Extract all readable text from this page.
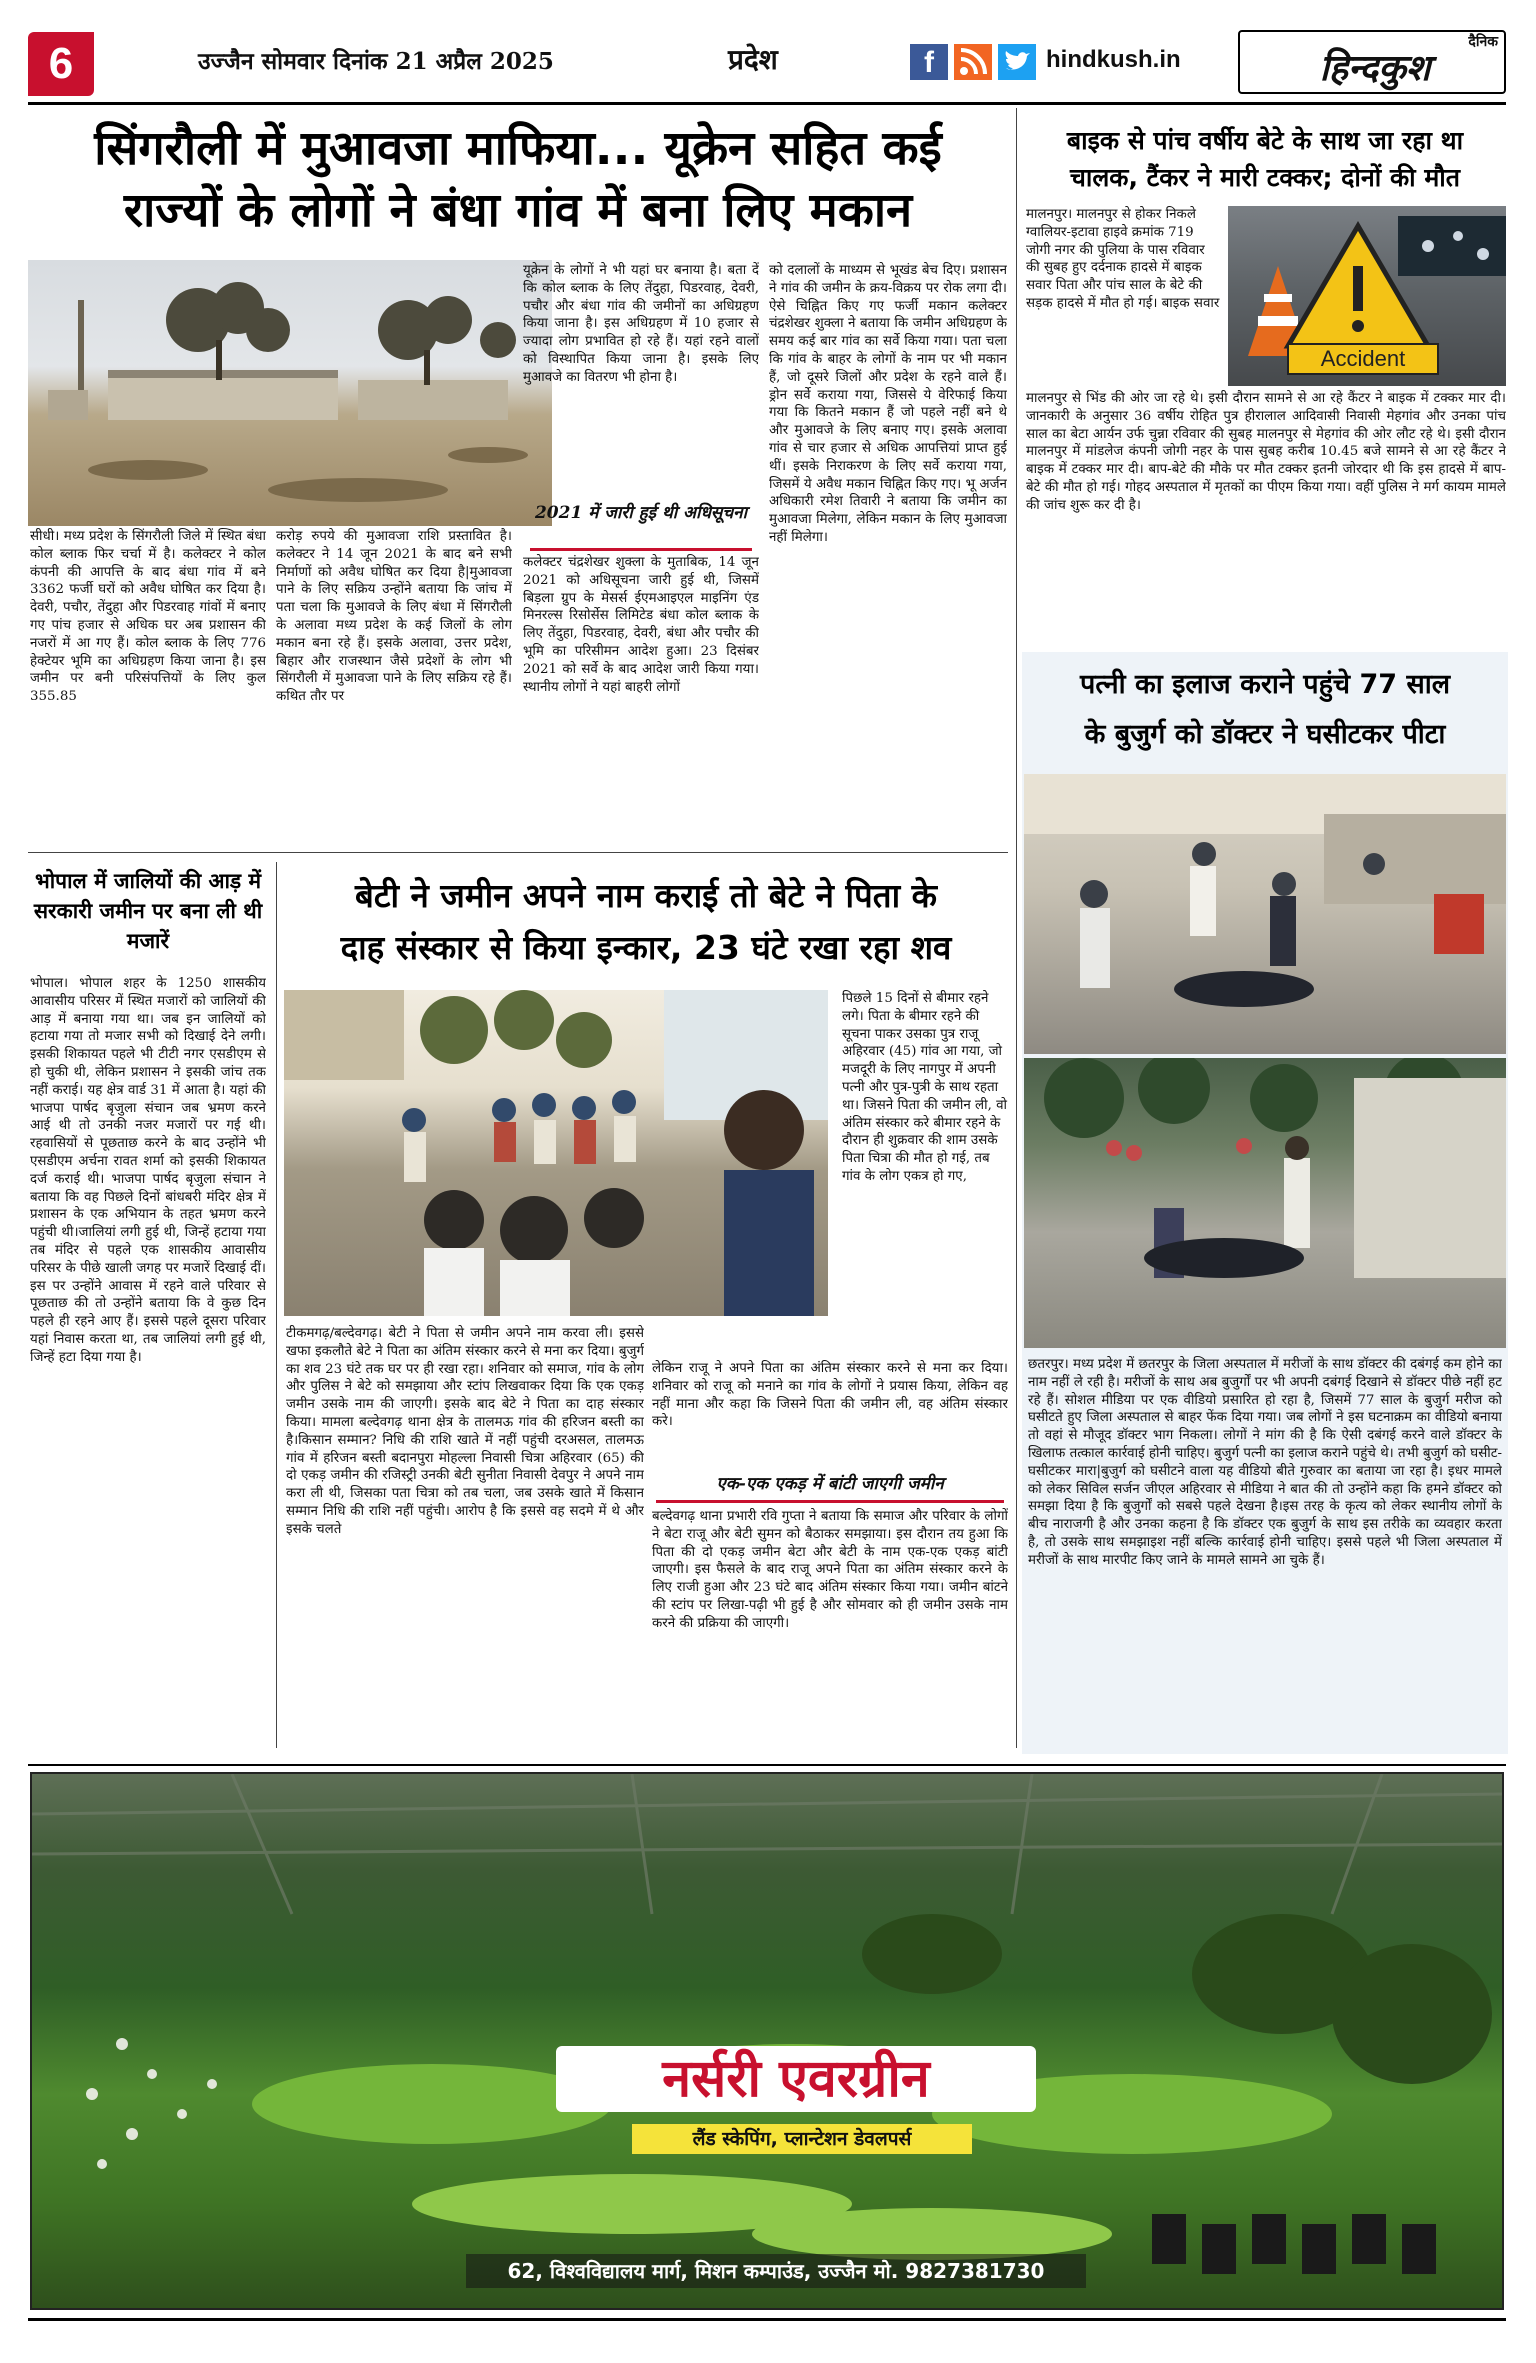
6	उज्जैन सोमवार दिनांक 21 अप्रैल 2025	प्रदेश	f	hindkush.in
दैनिक
हिन्दकुश
सिंगरौली में मुआवजा माफिया... यूक्रेन सहित कई
राज्यों के लोगों ने बंधा गांव में बना लिए मकान
सीधी। मध्य प्रदेश के सिंगरौली जिले में स्थित बंधा कोल ब्लाक फिर चर्चा में है। कलेक्टर ने कोल कंपनी की आपत्ति के बाद बंधा गांव में बने 3362 फर्जी घरों को अवैध घोषित कर दिया है। देवरी, पचौर, तेंदुहा और पिडरवाह गांवों में बनाए गए पांच हजार से अधिक घर अब प्रशासन की नजरों में आ गए हैं। कोल ब्लाक के लिए 776 हेक्टेयर भूमि का अधिग्रहण किया जाना है। इस जमीन पर बनी परिसंपत्तियों के लिए कुल 355.85
करोड़ रुपये की मुआवजा राशि प्रस्तावित है। कलेक्टर ने 14 जून 2021 के बाद बने सभी निर्माणों को अवैध घोषित कर दिया है|मुआवजा पाने के लिए सक्रिय उन्होंने बताया कि जांच में पता चला कि मुआवजे के लिए बंधा में सिंगरौली के अलावा मध्य प्रदेश के कई जिलों के लोग मकान बना रहे हैं। इसके अलावा, उत्तर प्रदेश, बिहार और राजस्थान जैसे प्रदेशों के लोग भी सिंगरौली में मुआवजा पाने के लिए सक्रिय रहे हैं।कथित तौर पर
यूक्रेन के लोगों ने भी यहां घर बनाया है। बता दें कि कोल ब्लाक के लिए तेंदुहा, पिडरवाह, देवरी, पचौर और बंधा गांव की जमीनों का अधिग्रहण किया जाना है। इस अधिग्रहण में 10 हजार से ज्यादा लोग प्रभावित हो रहे हैं। यहां रहने वालों को विस्थापित किया जाना है। इसके लिए मुआवजे का वितरण भी होना है।
2021 में जारी हुई थी अधिसूचना
कलेक्टर चंद्रशेखर शुक्ला के मुताबिक, 14 जून 2021 को अधिसूचना जारी हुई थी, जिसमें बिड़ला ग्रुप के मेसर्स ईएमआइएल माइनिंग एंड मिनरल्स रिसोर्सेस लिमिटेड बंधा कोल ब्लाक के लिए तेंदुहा, पिडरवाह, देवरी, बंधा और पचौर की भूमि का परिसीमन आदेश हुआ। 23 दिसंबर 2021 को सर्वे के बाद आदेश जारी किया गया। स्थानीय लोगों ने यहां बाहरी लोगों
को दलालों के माध्यम से भूखंड बेच दिए। प्रशासन ने गांव की जमीन के क्रय-विक्रय पर रोक लगा दी।ऐसे चिह्नित किए गए फर्जी मकान कलेक्टर चंद्रशेखर शुक्ला ने बताया कि जमीन अधिग्रहण के समय कई बार गांव का सर्वे किया गया। पता चला कि गांव के बाहर के लोगों के नाम पर भी मकान हैं, जो दूसरे जिलों और प्रदेश के रहने वाले हैं। ड्रोन सर्वे कराया गया, जिससे ये वेरिफाई किया गया कि कितने मकान हैं जो पहले नहीं बने थे और मुआवजे के लिए बनाए गए। इसके अलावा गांव से चार हजार से अधिक आपत्तियां प्राप्त हुई थीं। इसके निराकरण के लिए सर्वे कराया गया, जिसमें ये अवैध मकान चिह्नित किए गए। भू अर्जन अधिकारी रमेश तिवारी ने बताया कि जमीन का मुआवजा मिलेगा, लेकिन मकान के लिए मुआवजा नहीं मिलेगा।
भोपाल में जालियों की आड़ में सरकारी जमीन पर बना ली थी मजारें
भोपाल। भोपाल शहर के 1250 शासकीय आवासीय परिसर में स्थित मजारों को जालियों की आड़ में बनाया गया था। जब इन जालियों को हटाया गया तो मजार सभी को दिखाई देने लगी। इसकी शिकायत पहले भी टीटी नगर एसडीएम से हो चुकी थी, लेकिन प्रशासन ने इसकी जांच तक नहीं कराई। यह क्षेत्र वार्ड 31 में आता है। यहां की भाजपा पार्षद बृजुला संचान जब भ्रमण करने आई थी तो उनकी नजर मजारों पर गई थी। रहवासियों से पूछताछ करने के बाद उन्होंने भी एसडीएम अर्चना रावत शर्मा को इसकी शिकायत दर्ज कराई थी। भाजपा पार्षद बृजुला संचान ने बताया कि वह पिछले दिनों बांधबरी मंदिर क्षेत्र में प्रशासन के एक अभियान के तहत भ्रमण करने पहुंची थी।जालियां लगी हुई थी, जिन्हें हटाया गया तब मंदिर से पहले एक शासकीय आवासीय परिसर के पीछे खाली जगह पर मजारें दिखाई दीं। इस पर उन्होंने आवास में रहने वाले परिवार से पूछताछ की तो उन्होंने बताया कि वे कुछ दिन पहले ही रहने आए हैं। इससे पहले दूसरा परिवार यहां निवास करता था, तब जालियां लगी हुई थी, जिन्हें हटा दिया गया है।
बेटी ने जमीन अपने नाम कराई तो बेटे ने पिता के
दाह संस्कार से किया इन्कार, 23 घंटे रखा रहा शव
पिछले 15 दिनों से बीमार रहने लगे। पिता के बीमार रहने की सूचना पाकर उसका पुत्र राजू अहिरवार (45) गांव आ गया, जो मजदूरी के लिए नागपुर में अपनी पत्नी और पुत्र-पुत्री के साथ रहता था। जिसने पिता की जमीन ली, वो अंतिम संस्कार करे बीमार रहने के दौरान ही शुक्रवार की शाम उसके पिता चित्रा की मौत हो गई, तब गांव के लोग एकत्र हो गए,
टीकमगढ़/बल्देवगढ़। बेटी ने पिता से जमीन अपने नाम करवा ली। इससे खफा इकलौते बेटे ने पिता का अंतिम संस्कार करने से मना कर दिया। बुजुर्ग का शव 23 घंटे तक घर पर ही रखा रहा। शनिवार को समाज, गांव के लोग और पुलिस ने बेटे को समझाया और स्टांप लिखवाकर दिया कि एक एकड़ जमीन उसके नाम की जाएगी। इसके बाद बेटे ने पिता का दाह संस्कार किया। मामला बल्देवगढ़ थाना क्षेत्र के तालमऊ गांव की हरिजन बस्ती का है।किसान सम्मान? निधि की राशि खाते में नहीं पहुंची दरअसल, तालमऊ गांव में हरिजन बस्ती बदानपुरा मोहल्ला निवासी चित्रा अहिरवार (65) की दो एकड़ जमीन की रजिस्ट्री उनकी बेटी सुनीता निवासी देवपुर ने अपने नाम करा ली थी, जिसका पता चित्रा को तब चला, जब उसके खाते में किसान सम्मान निधि की राशि नहीं पहुंची। आरोप है कि इससे वह सदमे में थे और इसके चलते
लेकिन राजू ने अपने पिता का अंतिम संस्कार करने से मना कर दिया। शनिवार को राजू को मनाने का गांव के लोगों ने प्रयास किया, लेकिन वह नहीं माना और कहा कि जिसने पिता की जमीन ली, वह अंतिम संस्कार करे।
एक-एक एकड़ में बांटी जाएगी जमीन
बल्देवगढ़ थाना प्रभारी रवि गुप्ता ने बताया कि समाज और परिवार के लोगों ने बेटा राजू और बेटी सुमन को बैठाकर समझाया। इस दौरान तय हुआ कि पिता की दो एकड़ जमीन बेटा और बेटी के नाम एक-एक एकड़ बांटी जाएगी। इस फैसले के बाद राजू अपने पिता का अंतिम संस्कार करने के लिए राजी हुआ और 23 घंटे बाद अंतिम संस्कार किया गया। जमीन बांटने की स्टांप पर लिखा-पढ़ी भी हुई है और सोमवार को ही जमीन उसके नाम करने की प्रक्रिया की जाएगी।
बाइक से पांच वर्षीय बेटे के साथ जा रहा था
चालक, टैंकर ने मारी टक्कर; दोनों की मौत
मालनपुर। मालनपुर से होकर निकले ग्वालियर-इटावा हाइवे क्रमांक 719 जोगी नगर की पुलिया के पास रविवार की सुबह हुए दर्दनाक हादसे में बाइक सवार पिता और पांच साल के बेटे की सड़क हादसे में मौत हो गई। बाइक सवार
Accident
मालनपुर से भिंड की ओर जा रहे थे। इसी दौरान सामने से आ रहे कैंटर ने बाइक में टक्कर मार दी। जानकारी के अनुसार 36 वर्षीय रोहित पुत्र हीरालाल आदिवासी निवासी मेहगांव और उनका पांच साल का बेटा आर्यन उर्फ चुन्ना रविवार की सुबह मालनपुर से मेहगांव की ओर लौट रहे थे। इसी दौरान मालनपुर में मांडलेज कंपनी जोगी नहर के पास सुबह करीब 10.45 बजे सामने से आ रहे कैंटर ने बाइक में टक्कर मार दी। बाप-बेटे की मौके पर मौत टक्कर इतनी जोरदार थी कि इस हादसे में बाप-बेटे की मौत हो गई। गोहद अस्पताल में मृतकों का पीएम किया गया। वहीं पुलिस ने मर्ग कायम मामले की जांच शुरू कर दी है।
पत्नी का इलाज कराने पहुंचे 77 साल
के बुजुर्ग को डॉक्टर ने घसीटकर पीटा
छतरपुर। मध्य प्रदेश में छतरपुर के जिला अस्पताल में मरीजों के साथ डॉक्टर की दबंगई कम होने का नाम नहीं ले रही है। मरीजों के साथ अब बुजुर्गों पर भी अपनी दबंगई दिखाने से डॉक्टर पीछे नहीं हट रहे हैं। सोशल मीडिया पर एक वीडियो प्रसारित हो रहा है, जिसमें 77 साल के बुजुर्ग मरीज को घसीटते हुए जिला अस्पताल से बाहर फेंक दिया गया। जब लोगों ने इस घटनाक्रम का वीडियो बनाया तो वहां से मौजूद डॉक्टर भाग निकला। लोगों ने मांग की है कि ऐसी दबंगई करने वाले डॉक्टर के खिलाफ तत्काल कार्रवाई होनी चाहिए। बुजुर्ग पत्नी का इलाज कराने पहुंचे थे। तभी बुजुर्ग को घसीट-घसीटकर मारा|बुजुर्ग को घसीटने वाला यह वीडियो बीते गुरुवार का बताया जा रहा है। इधर मामले को लेकर सिविल सर्जन जीएल अहिरवार से मीडिया ने बात की तो उन्होंने कहा कि हमने डॉक्टर को समझा दिया है कि बुजुर्गों को सबसे पहले देखना है।इस तरह के कृत्य को लेकर स्थानीय लोगों के बीच नाराजगी है और उनका कहना है कि डॉक्टर एक बुजुर्ग के साथ इस तरीके का व्यवहार करता है, तो उसके साथ समझाइश नहीं बल्कि कार्रवाई होनी चाहिए। इससे पहले भी जिला अस्पताल में मरीजों के साथ मारपीट किए जाने के मामले सामने आ चुके हैं।
नर्सरी एवरग्रीन
लैंड स्केपिंग, प्लान्टेशन डेवलपर्स
62, विश्वविद्यालय मार्ग, मिशन कम्पाउंड, उज्जैन मो. 9827381730
